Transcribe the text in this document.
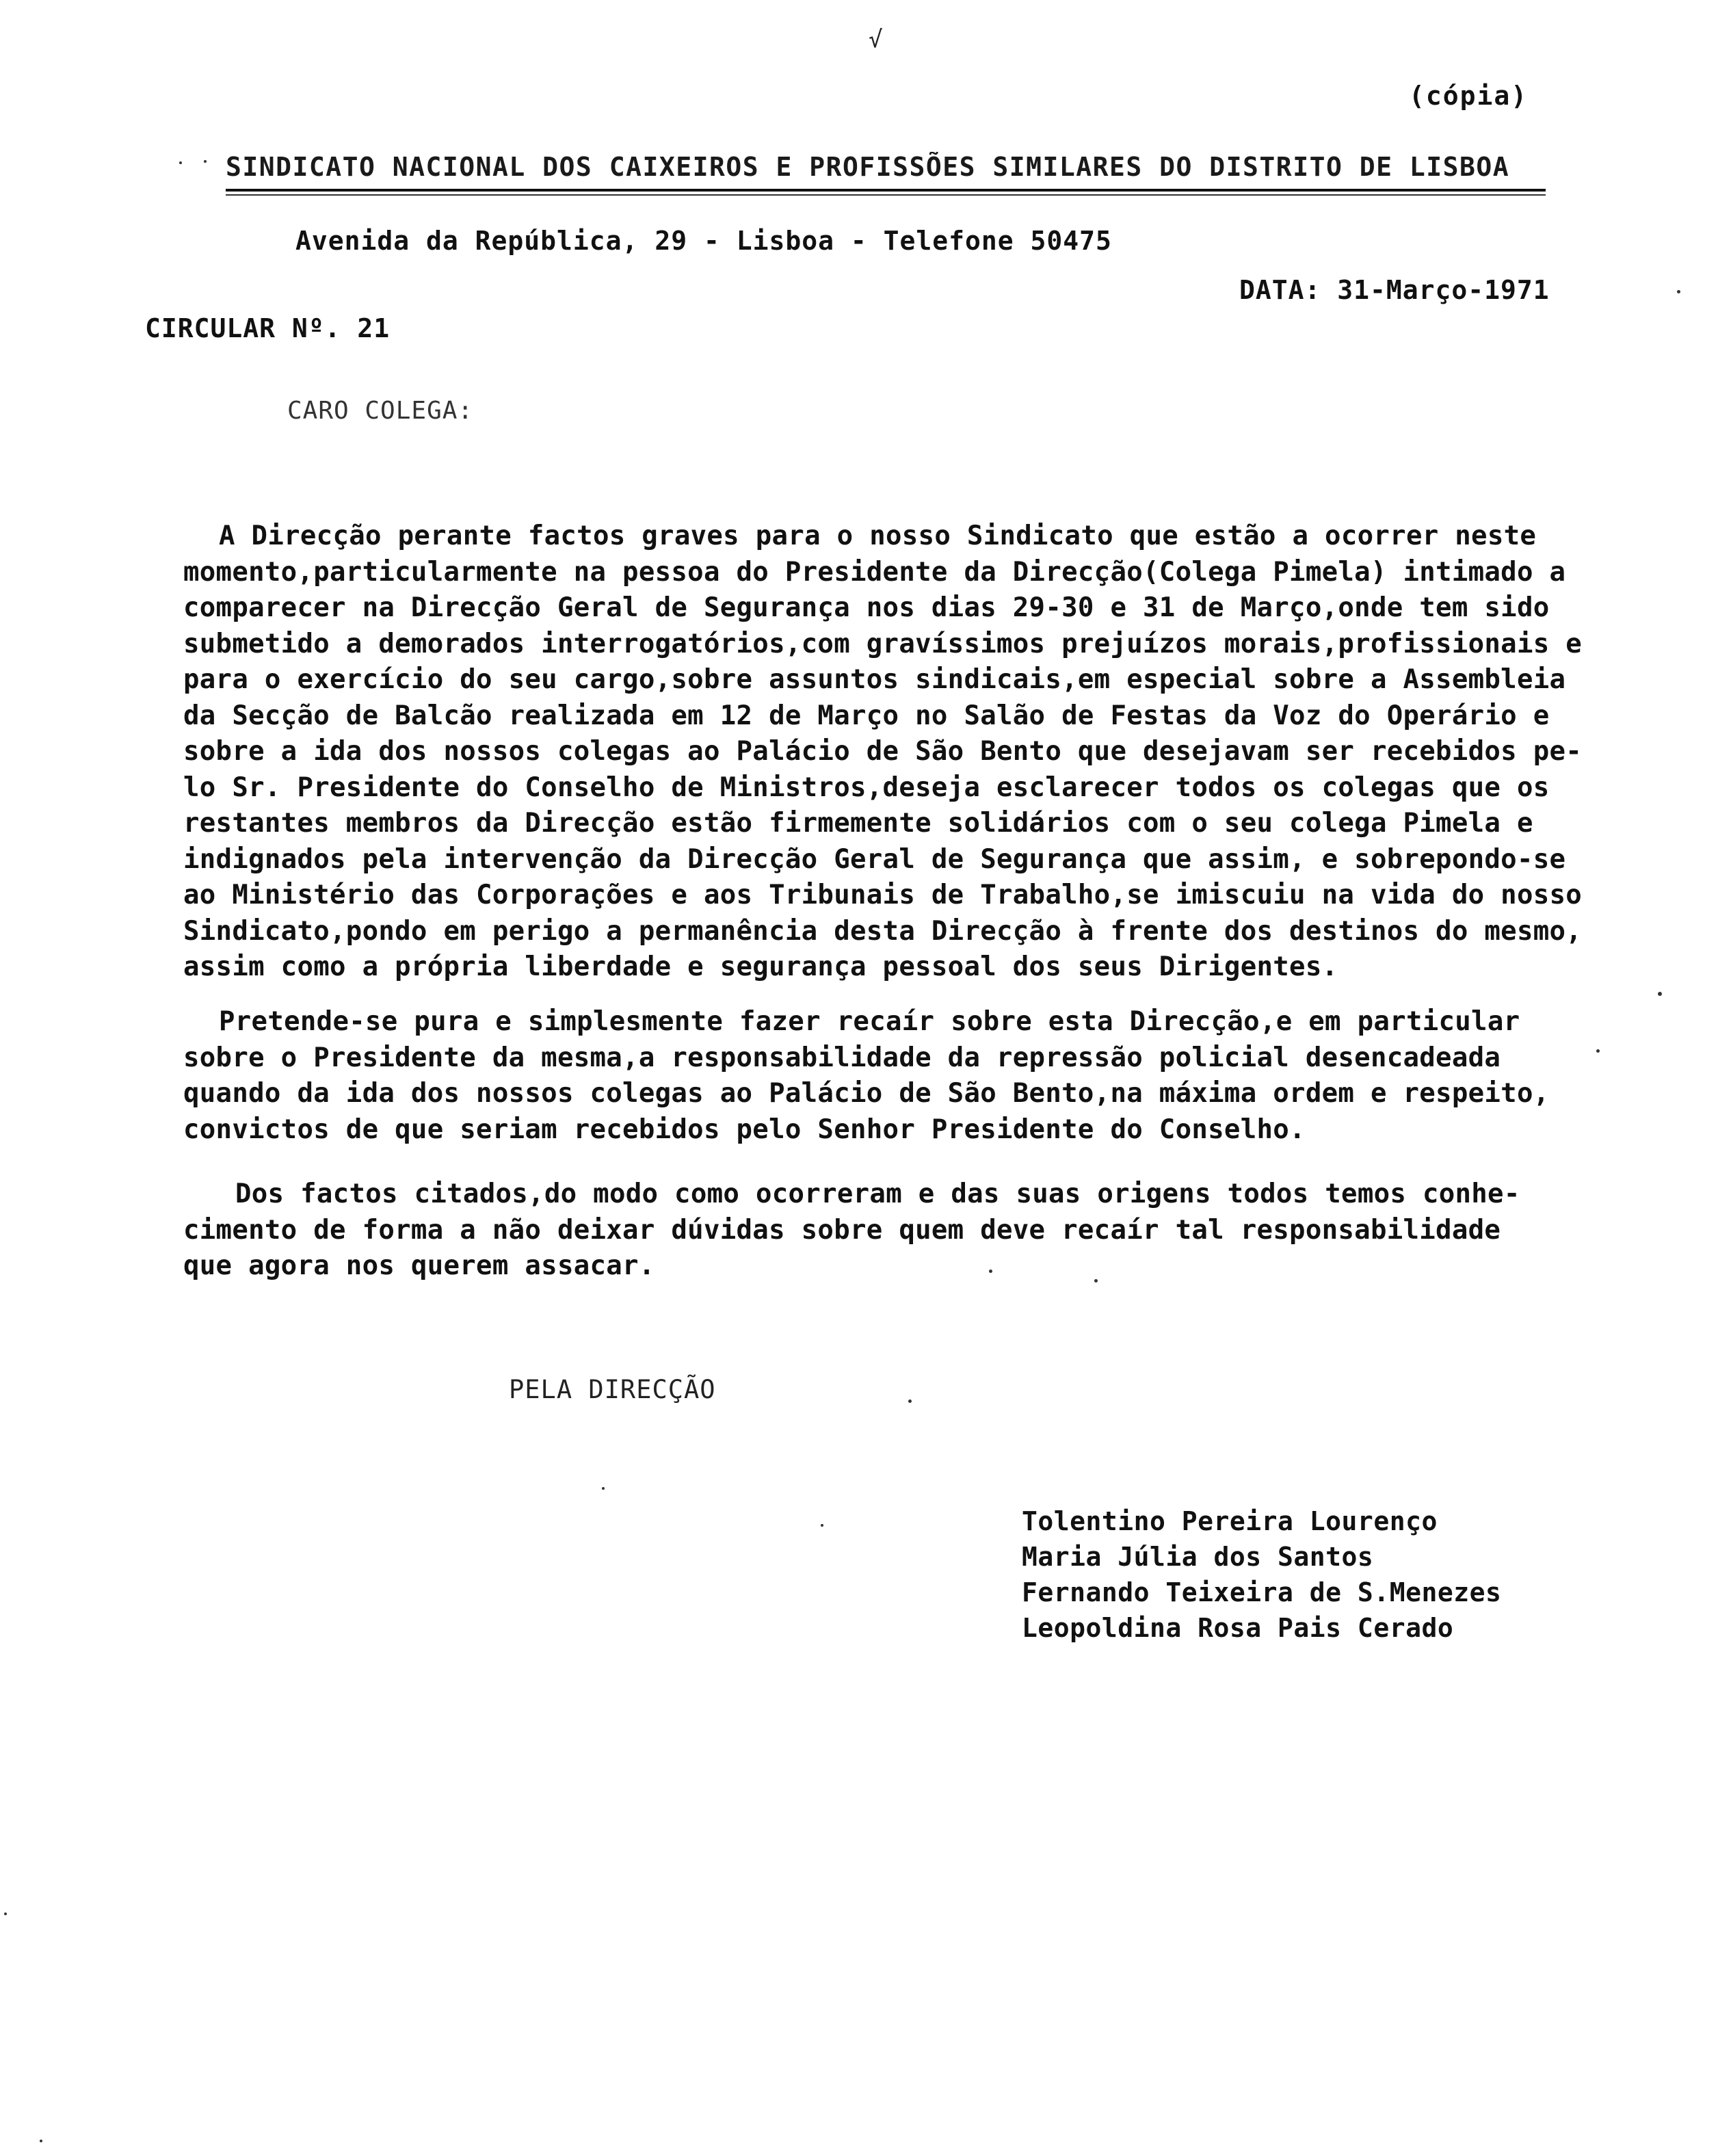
√
(cópia)
SINDICATO NACIONAL DOS CAIXEIROS E PROFISSÕES SIMILARES DO DISTRITO DE LISBOA
Avenida da República, 29 - Lisboa - Telefone 50475
DATA: 31-Março-1971
CIRCULAR Nº. 21
CARO COLEGA:
A Direcção perante factos graves para o nosso Sindicato que estão a ocorrer neste
momento,particularmente na pessoa do Presidente da Direcção(Colega Pimela) intimado a
comparecer na Direcção Geral de Segurança nos dias 29-30 e 31 de Março,onde tem sido
submetido a demorados interrogatórios,com gravíssimos prejuízos morais,profissionais e
para o exercício do seu cargo,sobre assuntos sindicais,em especial sobre a Assembleia
da Secção de Balcão realizada em 12 de Março no Salão de Festas da Voz do Operário e
sobre a ida dos nossos colegas ao Palácio de São Bento que desejavam ser recebidos pe-
lo Sr. Presidente do Conselho de Ministros,deseja esclarecer todos os colegas que os
restantes membros da Direcção estão firmemente solidários com o seu colega Pimela e
indignados pela intervenção da Direcção Geral de Segurança que assim, e sobrepondo-se
ao Ministério das Corporações e aos Tribunais de Trabalho,se imiscuiu na vida do nosso
Sindicato,pondo em perigo a permanência desta Direcção à frente dos destinos do mesmo,
assim como a própria liberdade e segurança pessoal dos seus Dirigentes.
Pretende-se pura e simplesmente fazer recaír sobre esta Direcção,e em particular
sobre o Presidente da mesma,a responsabilidade da repressão policial desencadeada
quando da ida dos nossos colegas ao Palácio de São Bento,na máxima ordem e respeito,
convictos de que seriam recebidos pelo Senhor Presidente do Conselho.
Dos factos citados,do modo como ocorreram e das suas origens todos temos conhe-
cimento de forma a não deixar dúvidas sobre quem deve recaír tal responsabilidade
que agora nos querem assacar.
PELA DIRECÇÃO
Tolentino Pereira Lourenço
Maria Júlia dos Santos
Fernando Teixeira de S.Menezes
Leopoldina Rosa Pais Cerado
